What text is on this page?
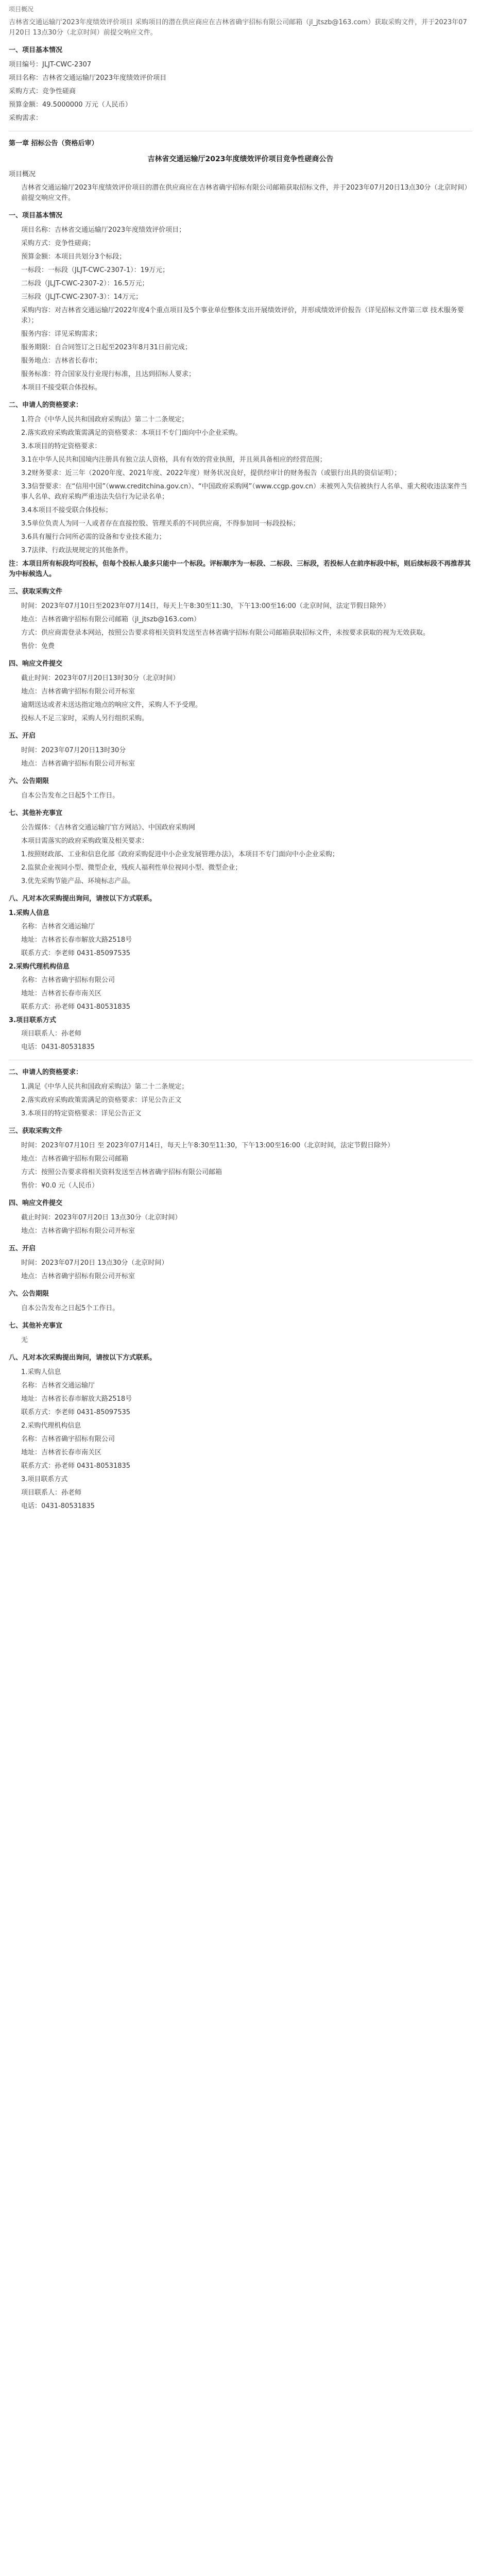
项目概况

吉林省交通运输厅2023年度绩效评价项目 采购项目的潜在供应商应在吉林省确宇招标有限公司邮箱（jl_jtszb@163.com）获取采购文件，并于2023年07月20日 13点30分（北京时间）前提交响应文件。

一、项目基本情况

项目编号：JLJT-CWC-2307

项目名称：吉林省交通运输厅2023年度绩效评价项目

采购方式：竞争性磋商

预算金额：49.5000000 万元（人民币）

采购需求：

第一章 招标公告（资格后审）
吉林省交通运输厅2023年度绩效评价项目竞争性磋商公告

项目概况

吉林省交通运输厅2023年度绩效评价项目的潜在供应商应在吉林省确宇招标有限公司邮箱获取招标文件，并于2023年07月20日13点30分（北京时间）前提交响应文件。

一、项目基本情况

项目名称：吉林省交通运输厅2023年度绩效评价项目；

采购方式：竞争性磋商；

预算金额：本项目共划分3个标段；

一标段：一标段（JLJT-CWC-2307-1）：19万元；

二标段（JLJT-CWC-2307-2）：16.5万元；

三标段（JLJT-CWC-2307-3）：14万元；

采购内容：对吉林省交通运输厅2022年度4个重点项目及5个事业单位整体支出开展绩效评价，并形成绩效评价报告（详见招标文件第三章 技术服务要求）；

服务内容：详见采购需求；

服务期限：自合同签订之日起至2023年8月31日前完成；

服务地点：吉林省长春市；

服务标准：符合国家及行业现行标准，且达到招标人要求；

本项目不接受联合体投标。

二、申请人的资格要求：

1.符合《中华人民共和国政府采购法》第二十二条规定；

2.落实政府采购政策需满足的资格要求：本项目不专门面向中小企业采购。

3.本项目的特定资格要求：

3.1在中华人民共和国境内注册具有独立法人资格，具有有效的营业执照，并且须具备相应的经营范围；

3.2财务要求：近三年（2020年度、2021年度、2022年度）财务状况良好，提供经审计的财务报告（或银行出具的资信证明）；

3.3信誉要求：在“信用中国”（www.creditchina.gov.cn）、“中国政府采购网”（www.ccgp.gov.cn）未被列入失信被执行人名单、重大税收违法案件当事人名单、政府采购严重违法失信行为记录名单；

3.4本项目不接受联合体投标；

3.5单位负责人为同一人或者存在直接控股、管理关系的不同供应商，不得参加同一标段投标；

3.6具有履行合同所必需的设备和专业技术能力；

3.7法律、行政法规规定的其他条件。

注：本项目所有标段均可投标，但每个投标人最多只能中一个标段。评标顺序为一标段、二标段、三标段，若投标人在前序标段中标，则后续标段不再推荐其为中标候选人。

三、获取采购文件

时间：2023年07月10日至2023年07月14日，每天上午8:30至11:30，下午13:00至16:00（北京时间，法定节假日除外）

地点：吉林省确宇招标有限公司邮箱（jl_jtszb@163.com）

方式：供应商需登录本网站，按照公告要求将相关资料发送至吉林省确宇招标有限公司邮箱获取招标文件，未按要求获取的视为无效获取。

售价：免费

四、响应文件提交

截止时间：2023年07月20日13时30分（北京时间）

地点：吉林省确宇招标有限公司开标室

逾期送达或者未送达指定地点的响应文件，采购人不予受理。

投标人不足三家时，采购人另行组织采购。

五、开启

时间：2023年07月20日13时30分

地点：吉林省确宇招标有限公司开标室

六、公告期限

自本公告发布之日起5个工作日。

七、其他补充事宜

公告媒体：《吉林省交通运输厅官方网站》、中国政府采购网

本项目需落实的政府采购政策及相关要求：

1.按照财政部、工业和信息化部《政府采购促进中小企业发展管理办法》，本项目不专门面向中小企业采购；

2.监狱企业视同小型、微型企业，残疾人福利性单位视同小型、微型企业；

3.优先采购节能产品、环境标志产品。

八、凡对本次采购提出询问，请按以下方式联系。

1.采购人信息

名称：吉林省交通运输厅

地址：吉林省长春市解放大路2518号

联系方式：李老师 0431-85097535

2.采购代理机构信息

名称：吉林省确宇招标有限公司

地址：吉林省长春市南关区

联系方式：孙老师 0431-80531835

3.项目联系方式

项目联系人：孙老师

电话：0431-80531835

二、申请人的资格要求：

1.满足《中华人民共和国政府采购法》第二十二条规定；

2.落实政府采购政策需满足的资格要求：详见公告正文

3.本项目的特定资格要求：详见公告正文

三、获取采购文件

时间：2023年07月10日 至 2023年07月14日，每天上午8:30至11:30，下午13:00至16:00（北京时间，法定节假日除外）

地点：吉林省确宇招标有限公司邮箱

方式：按照公告要求将相关资料发送至吉林省确宇招标有限公司邮箱

售价：¥0.0 元（人民币）

四、响应文件提交

截止时间：2023年07月20日 13点30分（北京时间）

地点：吉林省确宇招标有限公司开标室

五、开启

时间：2023年07月20日 13点30分（北京时间）

地点：吉林省确宇招标有限公司开标室

六、公告期限

自本公告发布之日起5个工作日。

七、其他补充事宜

无

八、凡对本次采购提出询问，请按以下方式联系。

1.采购人信息

名称：吉林省交通运输厅

地址：吉林省长春市解放大路2518号

联系方式：李老师 0431-85097535

2.采购代理机构信息

名称：吉林省确宇招标有限公司

地址：吉林省长春市南关区

联系方式：孙老师 0431-80531835

3.项目联系方式

项目联系人：孙老师

电话：0431-80531835
